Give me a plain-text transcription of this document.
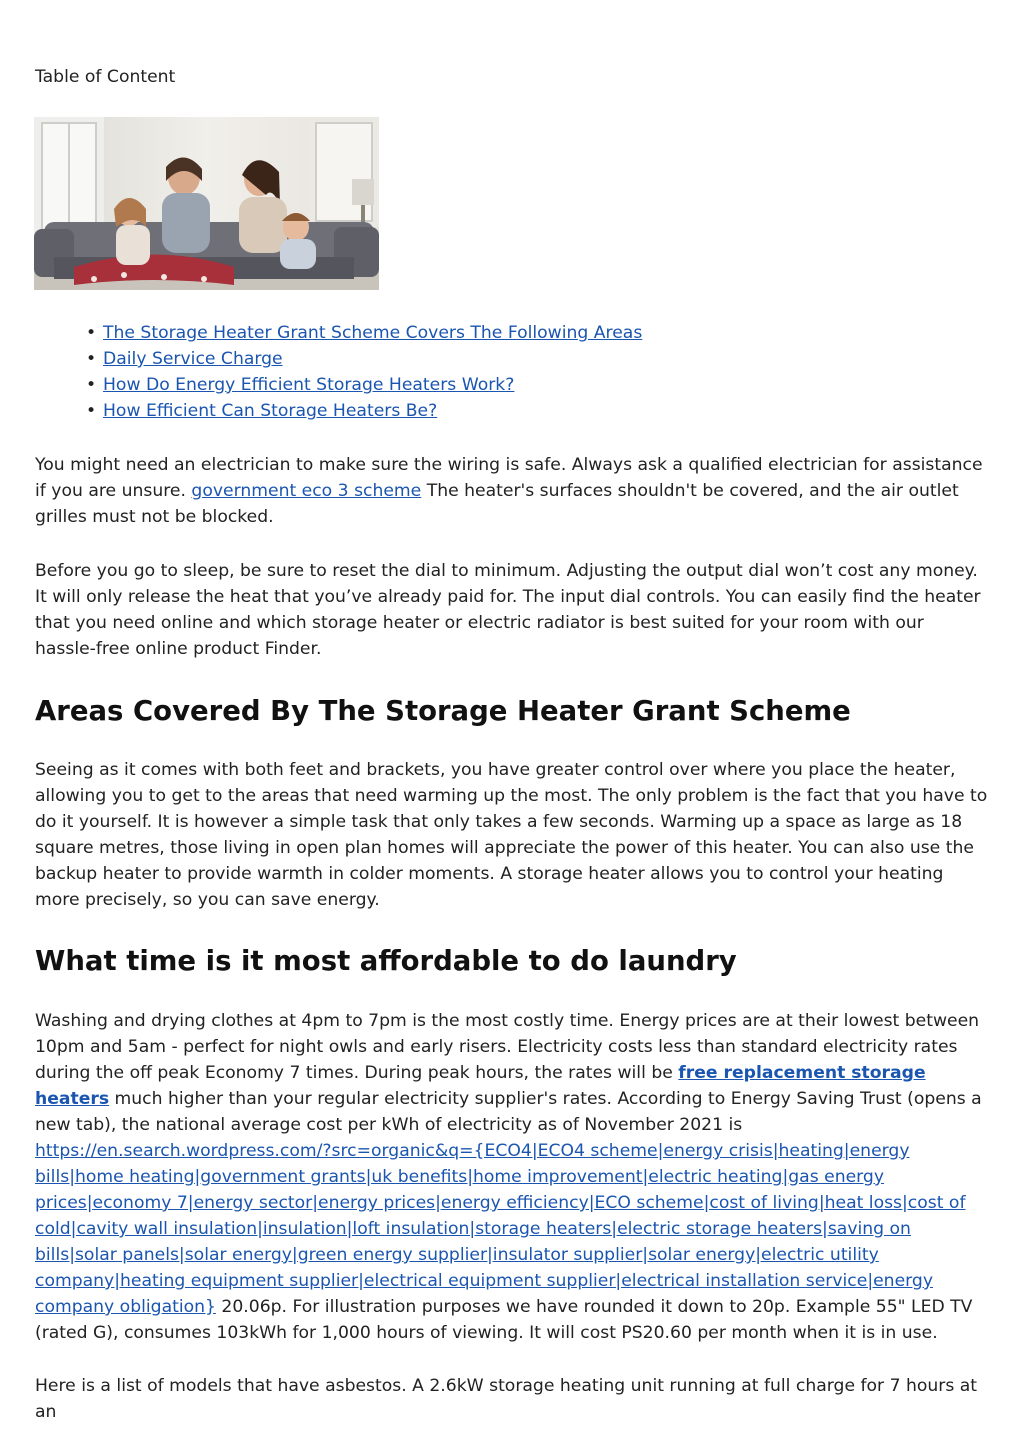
Table of Content

• The Storage Heater Grant Scheme Covers The Following Areas
• Daily Service Charge
• How Do Energy Efficient Storage Heaters Work?
• How Efficient Can Storage Heaters Be?

You might need an electrician to make sure the wiring is safe. Always ask a qualified electrician for assistance if you are unsure. government eco 3 scheme The heater's surfaces shouldn't be covered, and the air outlet grilles must not be blocked.

Before you go to sleep, be sure to reset the dial to minimum. Adjusting the output dial won’t cost any money. It will only release the heat that you’ve already paid for. The input dial controls. You can easily find the heater that you need online and which storage heater or electric radiator is best suited for your room with our hassle-free online product Finder.

Areas Covered By The Storage Heater Grant Scheme

Seeing as it comes with both feet and brackets, you have greater control over where you place the heater, allowing you to get to the areas that need warming up the most. The only problem is the fact that you have to do it yourself. It is however a simple task that only takes a few seconds. Warming up a space as large as 18 square metres, those living in open plan homes will appreciate the power of this heater. You can also use the backup heater to provide warmth in colder moments. A storage heater allows you to control your heating more precisely, so you can save energy.

What time is it most affordable to do laundry

Washing and drying clothes at 4pm to 7pm is the most costly time. Energy prices are at their lowest between 10pm and 5am - perfect for night owls and early risers. Electricity costs less than standard electricity rates during the off peak Economy 7 times. During peak hours, the rates will be free replacement storage heaters much higher than your regular electricity supplier's rates. According to Energy Saving Trust (opens a new tab), the national average cost per kWh of electricity as of November 2021 is https://en.search.wordpress.com/?src=organic&q={ECO4|ECO4 scheme|energy crisis|heating|energy bills|home heating|government grants|uk benefits|home improvement|electric heating|gas energy prices|economy 7|energy sector|energy prices|energy efficiency|ECO scheme|cost of living|heat loss|cost of cold|cavity wall insulation|insulation|loft insulation|storage heaters|electric storage heaters|saving on bills|solar panels|solar energy|green energy supplier|insulator supplier|solar energy|electric utility company|heating equipment supplier|electrical equipment supplier|electrical installation service|energy company obligation} 20.06p. For illustration purposes we have rounded it down to 20p. Example 55" LED TV (rated G), consumes 103kWh for 1,000 hours of viewing. It will cost PS20.60 per month when it is in use.

Here is a list of models that have asbestos. A 2.6kW storage heating unit running at full charge for 7 hours at an
